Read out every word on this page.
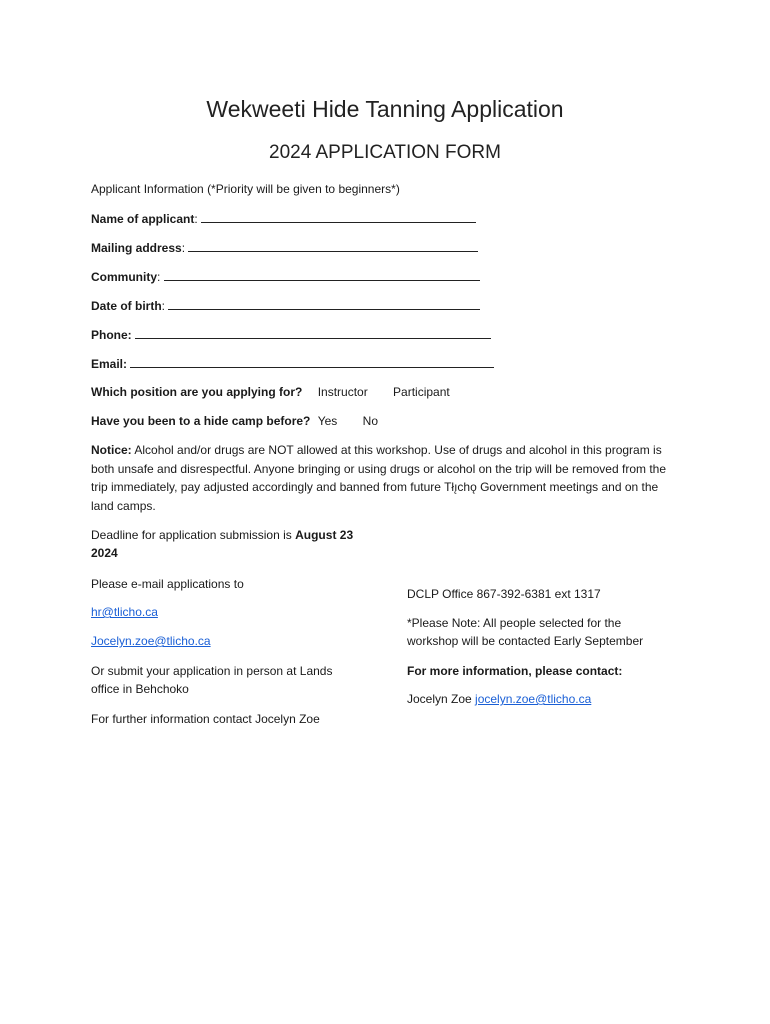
Wekweeti Hide Tanning Application
2024 APPLICATION FORM
Applicant Information (*Priority will be given to beginners*)
Name of applicant:
Mailing address:
Community:
Date of birth:
Phone:
Email:
Which position are you applying for? Instructor Participant
Have you been to a hide camp before? Yes No
Notice: Alcohol and/or drugs are NOT allowed at this workshop. Use of drugs and alcohol in this program is both unsafe and disrespectful. Anyone bringing or using drugs or alcohol on the trip will be removed from the trip immediately, pay adjusted accordingly and banned from future Tłı̨chǫ Government meetings and on the land camps.
Deadline for application submission is August 23 2024
Please e-mail applications to
hr@tlicho.ca
Jocelyn.zoe@tlicho.ca
Or submit your application in person at Lands office in Behchoko
For further information contact Jocelyn Zoe
DCLP Office 867-392-6381 ext 1317
*Please Note: All people selected for the workshop will be contacted Early September
For more information, please contact:
Jocelyn Zoe jocelyn.zoe@tlicho.ca
